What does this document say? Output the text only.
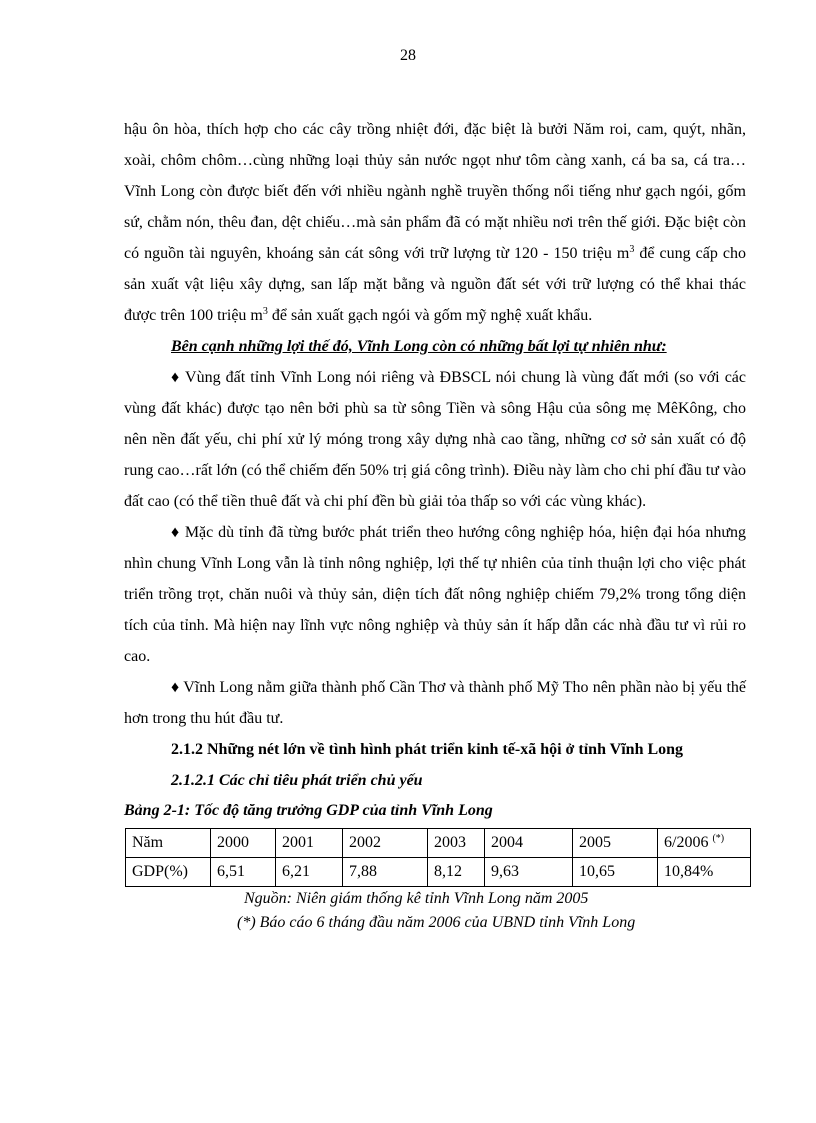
28

hậu ôn hòa, thích hợp cho các cây trồng nhiệt đới, đặc biệt là bưởi Năm roi, cam, quýt, nhãn, xoài, chôm chôm…cùng những loại thủy sản nước ngọt như tôm càng xanh, cá ba sa, cá tra…Vĩnh Long còn được biết đến với nhiều ngành nghề truyền thống nổi tiếng như gạch ngói, gốm sứ, chằm nón, thêu đan, dệt chiếu…mà sản phẩm đã có mặt nhiều nơi trên thế giới. Đặc biệt còn có nguồn tài nguyên, khoáng sản cát sông với trữ lượng từ 120 - 150 triệu $m^3$ để cung cấp cho sản xuất vật liệu xây dựng, san lấp mặt bằng và nguồn đất sét với trữ lượng có thể khai thác được trên 100 triệu $m^3$ để sản xuất gạch ngói và gốm mỹ nghệ xuất khẩu.

Bên cạnh những lợi thế đó, Vĩnh Long còn có những bất lợi tự nhiên như:

♦ Vùng đất tỉnh Vĩnh Long nói riêng và ĐBSCL nói chung là vùng đất mới (so với các vùng đất khác) được tạo nên bởi phù sa từ sông Tiền và sông Hậu của sông mẹ MêKông, cho nên nền đất yếu, chi phí xử lý móng trong xây dựng nhà cao tầng, những cơ sở sản xuất có độ rung cao…rất lớn (có thể chiếm đến 50% trị giá công trình). Điều này làm cho chi phí đầu tư vào đất cao (có thể tiền thuê đất và chi phí đền bù giải tỏa thấp so với các vùng khác).

♦ Mặc dù tỉnh đã từng bước phát triển theo hướng công nghiệp hóa, hiện đại hóa nhưng nhìn chung Vĩnh Long vẫn là tỉnh nông nghiệp, lợi thế tự nhiên của tỉnh thuận lợi cho việc phát triển trồng trọt, chăn nuôi và thủy sản, diện tích đất nông nghiệp chiếm 79,2% trong tổng diện tích của tỉnh. Mà hiện nay lĩnh vực nông nghiệp và thủy sản ít hấp dẫn các nhà đầu tư vì rủi ro cao.

♦ Vĩnh Long nằm giữa thành phố Cần Thơ và thành phố Mỹ Tho nên phần nào bị yếu thế hơn trong thu hút đầu tư.

2.1.2 Những nét lớn về tình hình phát triển kinh tế-xã hội ở tỉnh Vĩnh Long

2.1.2.1 Các chỉ tiêu phát triển chủ yếu

Bảng 2-1: Tốc độ tăng trưởng GDP của tỉnh Vĩnh Long

Năm	2000	2001	2002	2003	2004	2005	6/2006 (*)
GDP(%)	6,51	6,21	7,88	8,12	9,63	10,65	10,84%

Nguồn: Niên giám thống kê tỉnh Vĩnh Long năm 2005

(*) Báo cáo 6 tháng đầu năm 2006 của UBND tỉnh Vĩnh Long
